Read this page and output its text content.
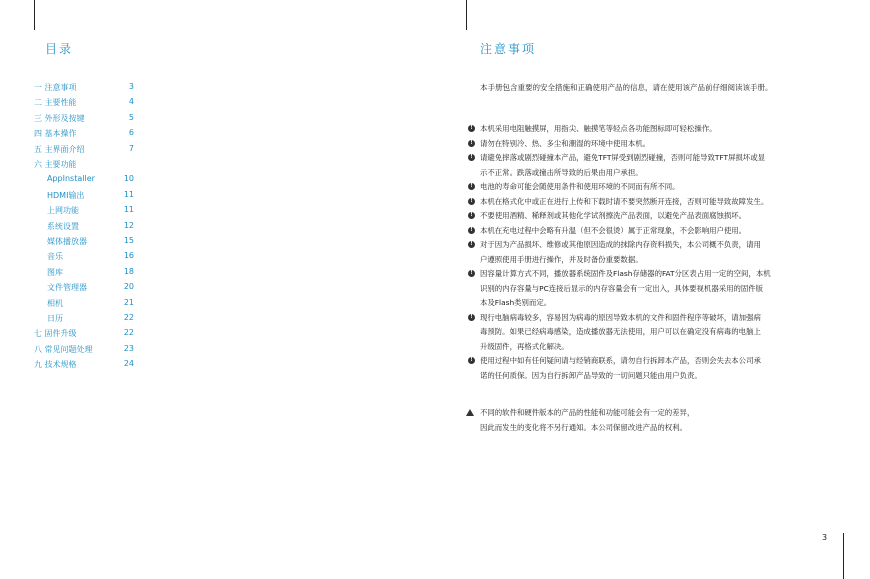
目录	注意事项
一 注意事项	3
二 主要性能	4
三 外形及按键	5
四 基本操作	6
五 主界面介绍	7
六 主要功能
AppInstaller	10
HDMI输出	11
上网功能	11
系统设置	12
媒体播放器	15
音乐	16
图库	18
文件管理器	20
相机	21
日历	22
七 固件升级	22
八 常见问题处理	23
九 技术规格	24
本手册包含重要的安全措施和正确使用产品的信息，请在使用该产品前仔细阅读该手册。
! 本机采用电阻触摸屏，用指尖、触摸笔等轻点各功能图标即可轻松操作。
! 请勿在特别冷、热、多尘和潮湿的环境中使用本机。
! 请避免摔落或剧烈碰撞本产品，避免TFT屏受到剧烈碰撞，否则可能导致TFT屏损坏或显
示不正常。跌落或撞击所导致的后果由用户承担。
! 电池的寿命可能会随使用条件和使用环境的不同而有所不同。
! 本机在格式化中或正在进行上传和下载时请不要突然断开连接，否则可能导致故障发生。
! 不要使用酒精、稀释剂或其他化学试剂擦洗产品表面，以避免产品表面腐蚀损坏。
! 本机在充电过程中会略有升温（但不会很烫）属于正常现象，不会影响用户使用。
! 对于因为产品损坏、维修或其他原因造成的抹除内存资料损失，本公司概不负责，请用
户遵照使用手册进行操作，并及时备份重要数据。
! 因容量计算方式不同，播放器系统固件及Flash存储器的FAT分区表占用一定的空间，本机
识别的内存容量与PC连接后显示的内存容量会有一定出入，具体要视机器采用的固件版
本及Flash类别而定。
! 现行电脑病毒较多，容易因为病毒的原因导致本机的文件和固件程序等破坏，请加强病
毒预防。如果已经病毒感染，造成播放器无法使用，用户可以在确定没有病毒的电脑上
升级固件，再格式化解决。
! 使用过程中如有任何疑问请与经销商联系，请勿自行拆卸本产品，否则会失去本公司承
诺的任何质保。因为自行拆卸产品导致的一切问题只能由用户负责。
不同的软件和硬件版本的产品的性能和功能可能会有一定的差异，
因此而发生的变化将不另行通知。本公司保留改进产品的权利。
3
